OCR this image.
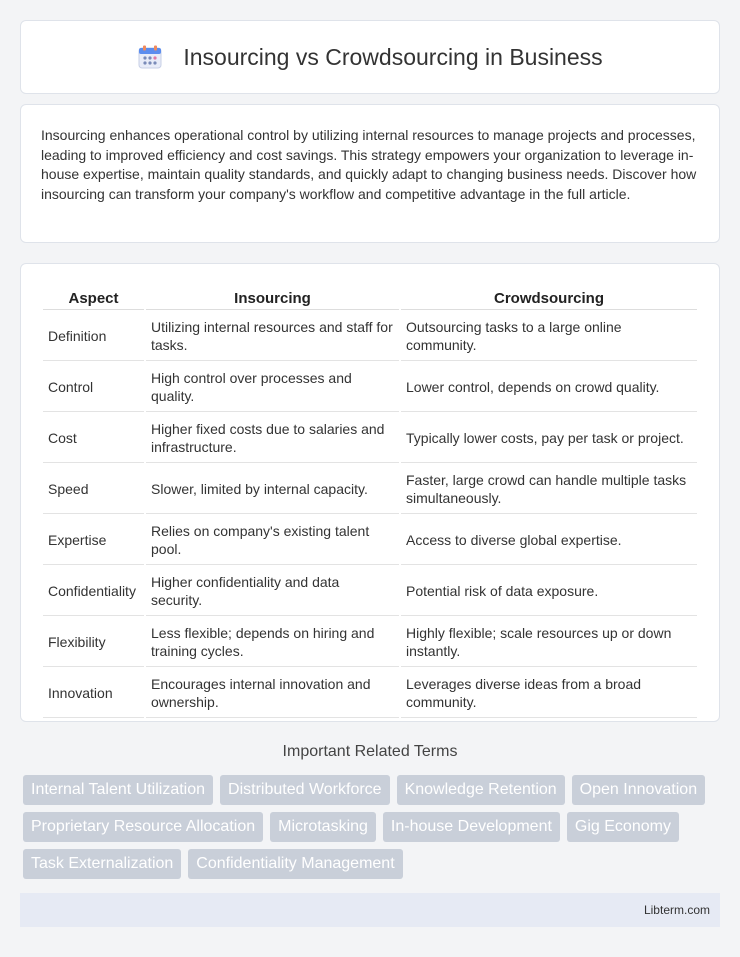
Insourcing vs Crowdsourcing in Business

Insourcing enhances operational control by utilizing internal resources to manage projects and processes, leading to improved efficiency and cost savings. This strategy empowers your organization to leverage in-house expertise, maintain quality standards, and quickly adapt to changing business needs. Discover how insourcing can transform your company's workflow and competitive advantage in the full article.

Aspect	Insourcing	Crowdsourcing
Definition	Utilizing internal resources and staff for tasks.	Outsourcing tasks to a large online community.
Control	High control over processes and quality.	Lower control, depends on crowd quality.
Cost	Higher fixed costs due to salaries and infrastructure.	Typically lower costs, pay per task or project.
Speed	Slower, limited by internal capacity.	Faster, large crowd can handle multiple tasks simultaneously.
Expertise	Relies on company's existing talent pool.	Access to diverse global expertise.
Confidentiality	Higher confidentiality and data security.	Potential risk of data exposure.
Flexibility	Less flexible; depends on hiring and training cycles.	Highly flexible; scale resources up or down instantly.
Innovation	Encourages internal innovation and ownership.	Leverages diverse ideas from a broad community.
Important Related Terms
Internal Talent Utilization	Distributed Workforce	Knowledge Retention	Open Innovation
Proprietary Resource Allocation	Microtasking	In-house Development	Gig Economy
Task Externalization	Confidentiality Management
Libterm.com
